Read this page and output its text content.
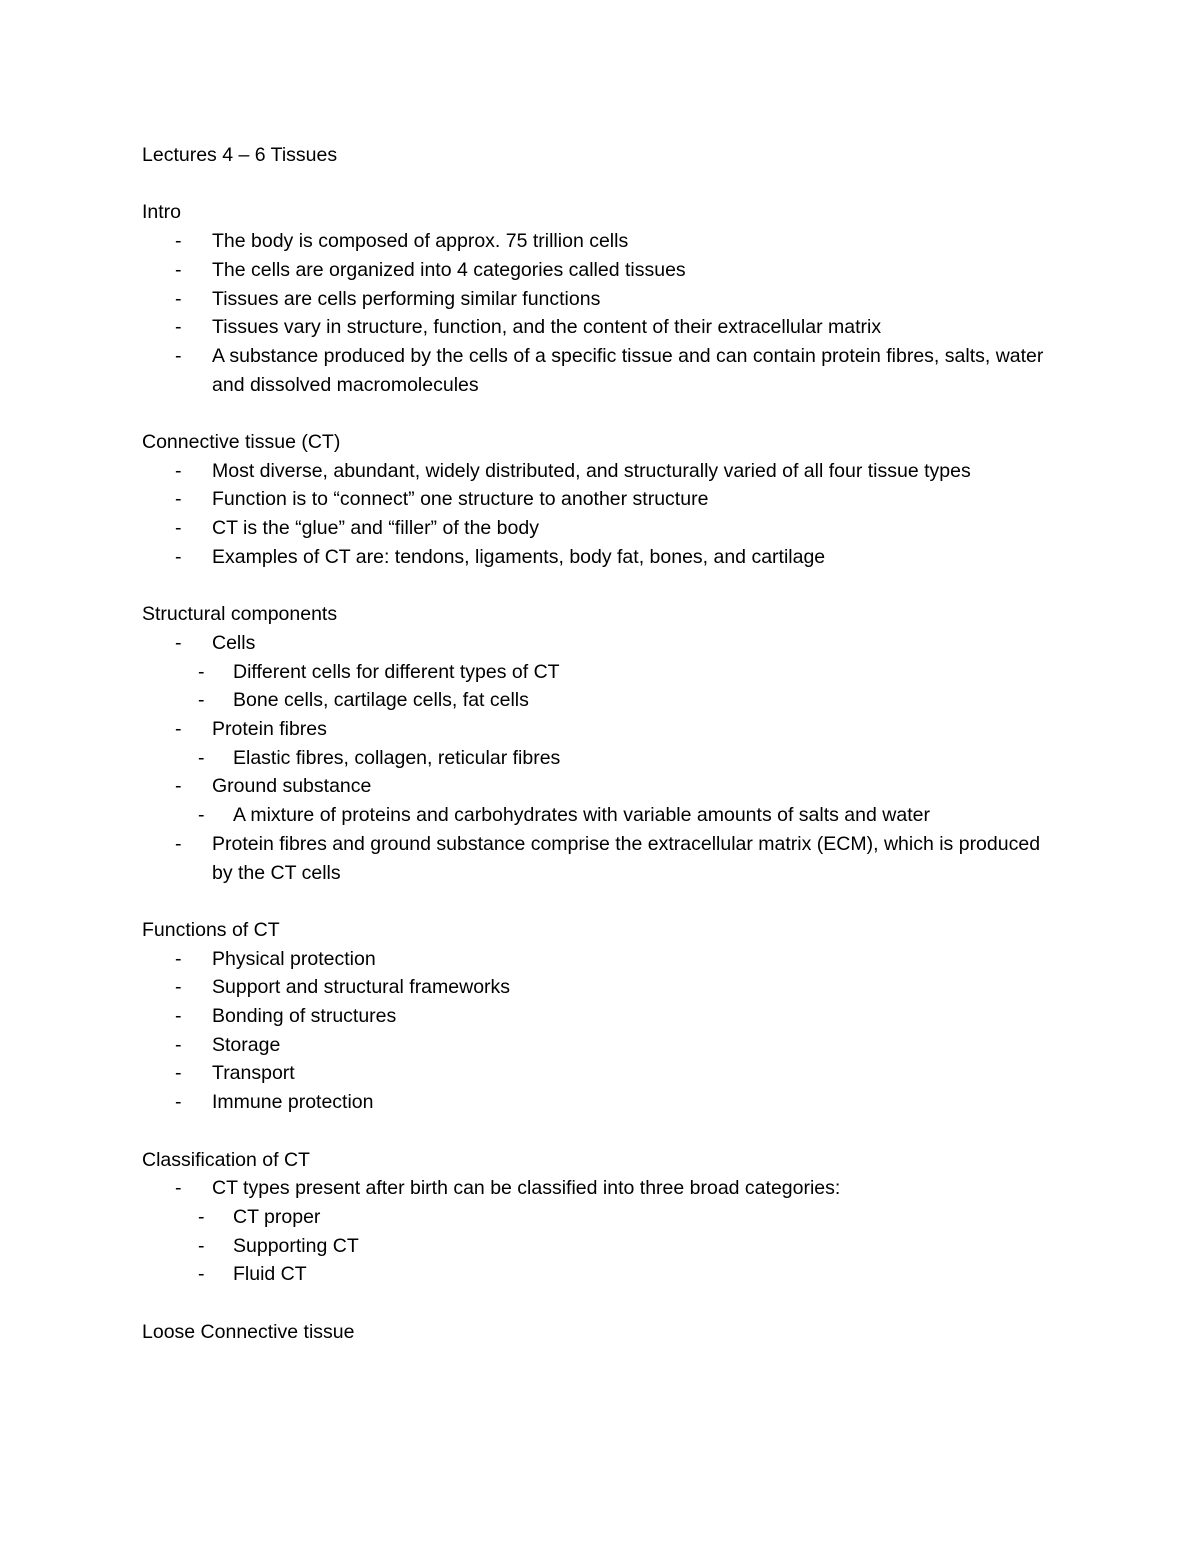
Lectures 4 – 6 Tissues
Intro
- The body is composed of approx. 75 trillion cells
- The cells are organized into 4 categories called tissues
- Tissues are cells performing similar functions
- Tissues vary in structure, function, and the content of their extracellular matrix
- A substance produced by the cells of a specific tissue and can contain protein fibres, salts, water and dissolved macromolecules
Connective tissue (CT)
- Most diverse, abundant, widely distributed, and structurally varied of all four tissue types
- Function is to “connect” one structure to another structure
- CT is the “glue” and “filler” of the body
- Examples of CT are: tendons, ligaments, body fat, bones, and cartilage
Structural components
- Cells
- Different cells for different types of CT
- Bone cells, cartilage cells, fat cells
- Protein fibres
- Elastic fibres, collagen, reticular fibres
- Ground substance
- A mixture of proteins and carbohydrates with variable amounts of salts and water
- Protein fibres and ground substance comprise the extracellular matrix (ECM), which is produced by the CT cells
Functions of CT
- Physical protection
- Support and structural frameworks
- Bonding of structures
- Storage
- Transport
- Immune protection
Classification of CT
- CT types present after birth can be classified into three broad categories:
- CT proper
- Supporting CT
- Fluid CT
Loose Connective tissue
